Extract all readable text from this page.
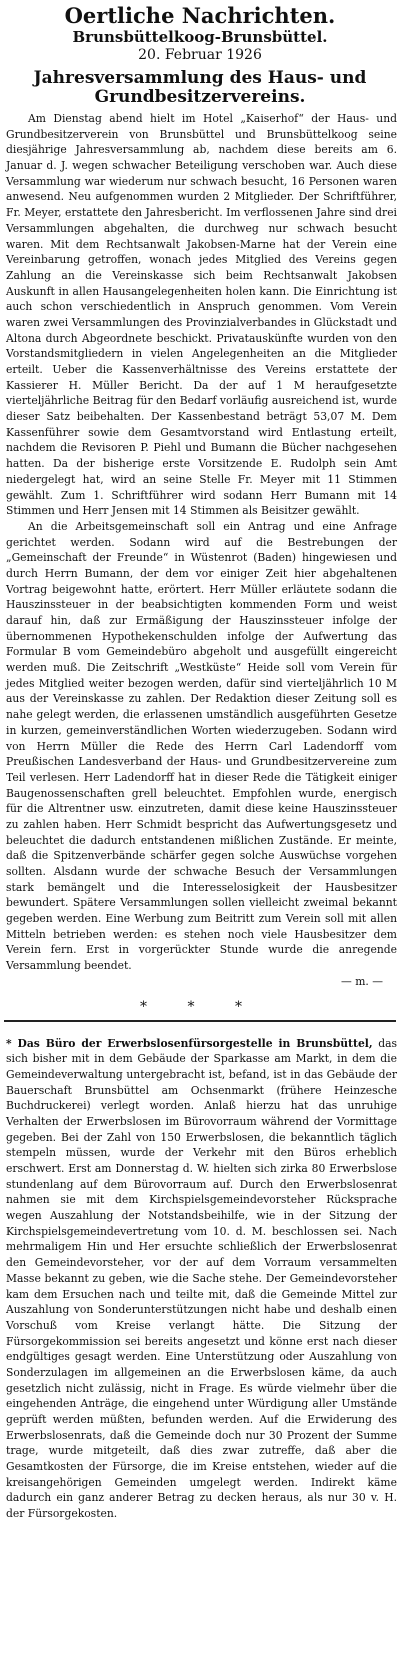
Oertliche Nachrichten.
Brunsbüttelkoog-Brunsbüttel.
20. Februar 1926
Jahresversammlung des Haus- und Grundbesitzervereins.

Am Dienstag abend hielt im Hotel „Kaiserhof“ der Haus- und Grundbesitzerverein von Brunsbüttel und Brunsbüttelkoog seine diesjährige Jahresversammlung ab, nachdem diese bereits am 6. Januar d. J. wegen schwacher Beteiligung verschoben war. Auch diese Versammlung war wiederum nur schwach besucht, 16 Personen waren anwesend. Neu aufgenommen wurden 2 Mitglieder. Der Schriftführer, Fr. Meyer, erstattete den Jahresbericht. Im verflossenen Jahre sind drei Versammlungen abgehalten, die durchweg nur schwach besucht waren. Mit dem Rechtsanwalt Jakobsen-Marne hat der Verein eine Vereinbarung getroffen, wonach jedes Mitglied des Vereins gegen Zahlung an die Vereinskasse sich beim Rechtsanwalt Jakobsen Auskunft in allen Hausangelegenheiten holen kann. Die Einrichtung ist auch schon verschiedentlich in Anspruch genommen. Vom Verein waren zwei Versammlungen des Provinzialverbandes in Glückstadt und Altona durch Abgeordnete beschickt. Privatauskünfte wurden von den Vorstandsmitgliedern in vielen Angelegenheiten an die Mitglieder erteilt. Ueber die Kassenverhältnisse des Vereins erstattete der Kassierer H. Müller Bericht. Da der auf 1 M heraufgesetzte vierteljährliche Beitrag für den Bedarf vorläufig ausreichend ist, wurde dieser Satz beibehalten. Der Kassenbestand beträgt 53,07 M. Dem Kassenführer sowie dem Gesamtvorstand wird Entlastung erteilt, nachdem die Revisoren P. Piehl und Bumann die Bücher nachgesehen hatten. Da der bisherige erste Vorsitzende E. Rudolph sein Amt niedergelegt hat, wird an seine Stelle Fr. Meyer mit 11 Stimmen gewählt. Zum 1. Schriftführer wird sodann Herr Bumann mit 14 Stimmen und Herr Jensen mit 14 Stimmen als Beisitzer gewählt.

An die Arbeitsgemeinschaft soll ein Antrag und eine Anfrage gerichtet werden. Sodann wird auf die Bestrebungen der „Gemeinschaft der Freunde“ in Wüstenrot (Baden) hingewiesen und durch Herrn Bumann, der dem vor einiger Zeit hier abgehaltenen Vortrag beigewohnt hatte, erörtert. Herr Müller erläutete sodann die Hauszinssteuer in der beabsichtigten kommenden Form und weist darauf hin, daß zur Ermäßigung der Hauszinssteuer infolge der übernommenen Hypothekenschulden infolge der Aufwertung das Formular B vom Gemeindebüro abgeholt und ausgefüllt eingereicht werden muß. Die Zeitschrift „Westküste“ Heide soll vom Verein für jedes Mitglied weiter bezogen werden, dafür sind vierteljährlich 10 M aus der Vereinskasse zu zahlen. Der Redaktion dieser Zeitung soll es nahe gelegt werden, die erlassenen umständlich ausgeführten Gesetze in kurzen, gemeinverständlichen Worten wiederzugeben. Sodann wird von Herrn Müller die Rede des Herrn Carl Ladendorff vom Preußischen Landesverband der Haus- und Grundbesitzervereine zum Teil verlesen. Herr Ladendorff hat in dieser Rede die Tätigkeit einiger Baugenossenschaften grell beleuchtet. Empfohlen wurde, energisch für die Altrentner usw. einzutreten, damit diese keine Hauszinssteuer zu zahlen haben. Herr Schmidt bespricht das Aufwertungsgesetz und beleuchtet die dadurch entstandenen mißlichen Zustände. Er meinte, daß die Spitzenverbände schärfer gegen solche Auswüchse vorgehen sollten. Alsdann wurde der schwache Besuch der Versammlungen stark bemängelt und die Interesselosigkeit der Hausbesitzer bewundert. Spätere Versammlungen sollen vielleicht zweimal bekannt gegeben werden. Eine Werbung zum Beitritt zum Verein soll mit allen Mitteln betrieben werden: es stehen noch viele Hausbesitzer dem Verein fern. Erst in vorgerückter Stunde wurde die anregende Versammlung beendet.

— m. —
* * *

* Das Büro der Erwerbslosenfürsorgestelle in Brunsbüttel, das sich bisher mit in dem Gebäude der Sparkasse am Markt, in dem die Gemeindeverwaltung untergebracht ist, befand, ist in das Gebäude der Bauerschaft Brunsbüttel am Ochsenmarkt (frühere Heinzesche Buchdruckerei) verlegt worden. Anlaß hierzu hat das unruhige Verhalten der Erwerbslosen im Bürovorraum während der Vormittage gegeben. Bei der Zahl von 150 Erwerbslosen, die bekanntlich täglich stempeln müssen, wurde der Verkehr mit den Büros erheblich erschwert. Erst am Donnerstag d. W. hielten sich zirka 80 Erwerbslose stundenlang auf dem Bürovorraum auf. Durch den Erwerbslosenrat nahmen sie mit dem Kirchspielsgemeindevorsteher Rücksprache wegen Auszahlung der Notstandsbeihilfe, wie in der Sitzung der Kirchspielsgemeindevertretung vom 10. d. M. beschlossen sei. Nach mehrmaligem Hin und Her ersuchte schließlich der Erwerbslosenrat den Gemeindevorsteher, vor der auf dem Vorraum versammelten Masse bekannt zu geben, wie die Sache stehe. Der Gemeindevorsteher kam dem Ersuchen nach und teilte mit, daß die Gemeinde Mittel zur Auszahlung von Sonderunterstützungen nicht habe und deshalb einen Vorschuß vom Kreise verlangt hätte. Die Sitzung der Fürsorgekommission sei bereits angesetzt und könne erst nach dieser endgültiges gesagt werden. Eine Unterstützung oder Auszahlung von Sonderzulagen im allgemeinen an die Erwerbslosen käme, da auch gesetzlich nicht zulässig, nicht in Frage. Es würde vielmehr über die eingehenden Anträge, die eingehend unter Würdigung aller Umstände geprüft werden müßten, befunden werden. Auf die Erwiderung des Erwerbslosenrats, daß die Gemeinde doch nur 30 Prozent der Summe trage, wurde mitgeteilt, daß dies zwar zutreffe, daß aber die Gesamtkosten der Fürsorge, die im Kreise entstehen, wieder auf die kreisangehörigen Gemeinden umgelegt werden. Indirekt käme dadurch ein ganz anderer Betrag zu decken heraus, als nur 30 v. H. der Fürsorgekosten.
